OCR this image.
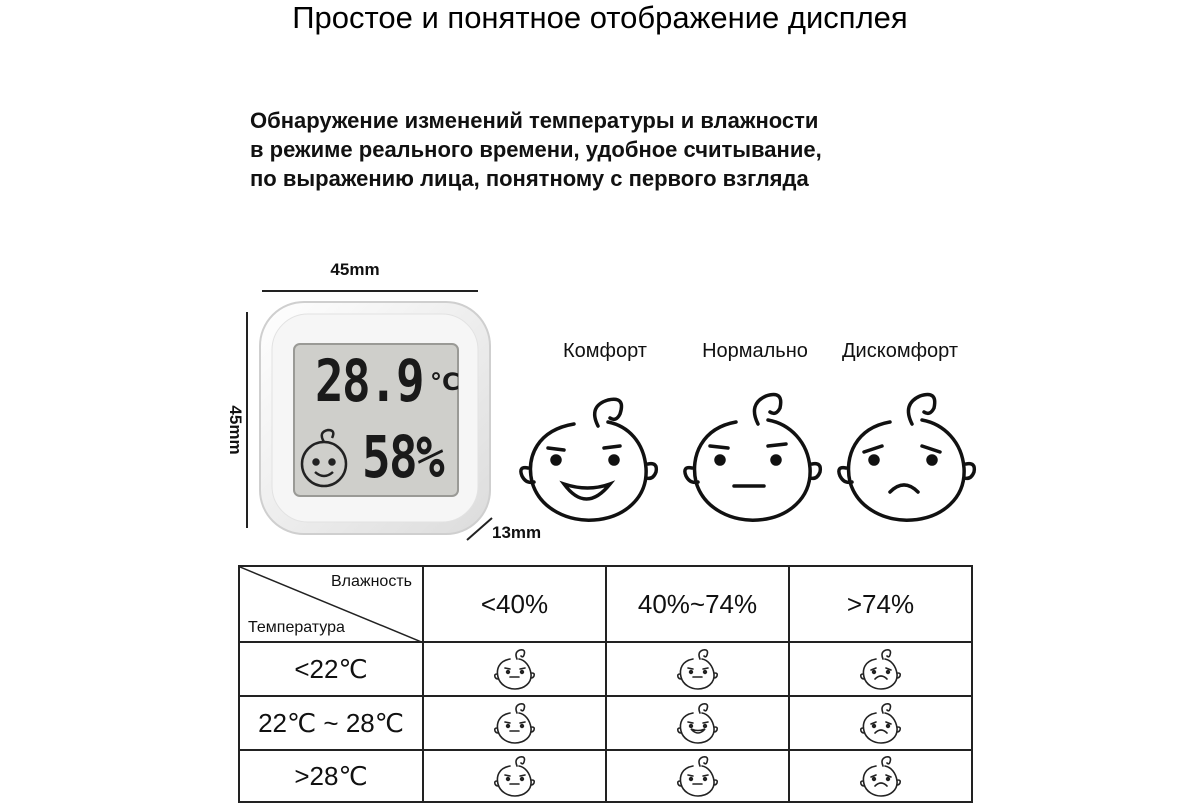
Простое и понятное отображение дисплея
Обнаружение изменений температуры и влажности
в режиме реального времени, удобное считывание,
по выражению лица, понятному с первого взгляда
45mm
45mm
13mm
28.9 °C
58%
Комфорт	Нормально	Дискомфорт
Влажность
Температура	<40%	40%~74%	>74%
<22℃	

22℃ ~ 28℃	

>28℃	
